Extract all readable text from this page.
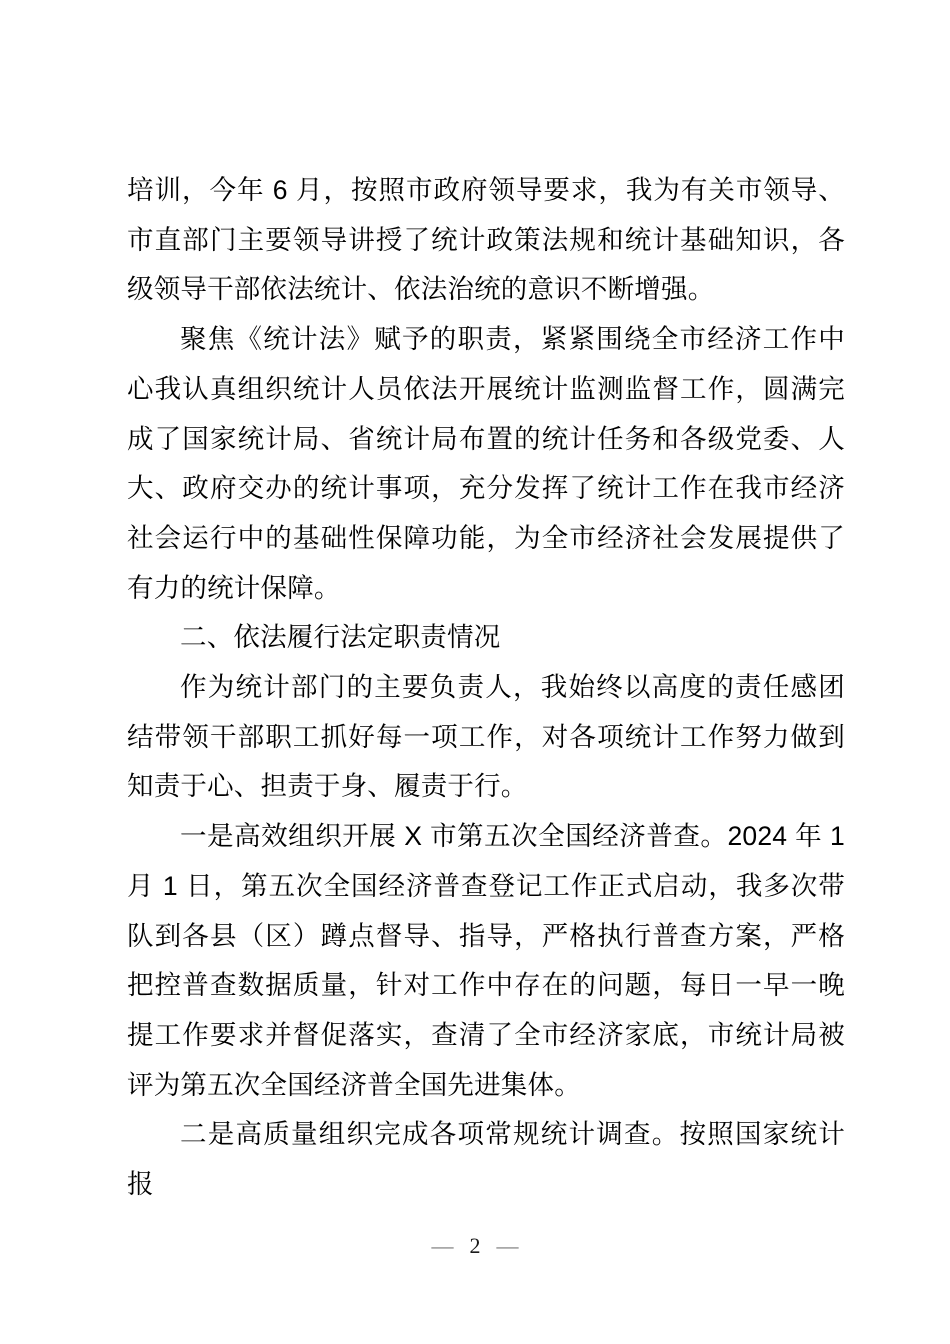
培训，今年 6 月，按照市政府领导要求，我为有关市领导、市直部门主要领导讲授了统计政策法规和统计基础知识，各级领导干部依法统计、依法治统的意识不断增强。

聚焦《统计法》赋予的职责，紧紧围绕全市经济工作中心我认真组织统计人员依法开展统计监测监督工作，圆满完成了国家统计局、省统计局布置的统计任务和各级党委、人大、政府交办的统计事项，充分发挥了统计工作在我市经济社会运行中的基础性保障功能，为全市经济社会发展提供了有力的统计保障。

二、依法履行法定职责情况

作为统计部门的主要负责人，我始终以高度的责任感团结带领干部职工抓好每一项工作，对各项统计工作努力做到知责于心、担责于身、履责于行。

一是高效组织开展 X 市第五次全国经济普查。2024 年 1 月 1 日，第五次全国经济普查登记工作正式启动，我多次带队到各县（区）蹲点督导、指导，严格执行普查方案，严格把控普查数据质量，针对工作中存在的问题，每日一早一晚提工作要求并督促落实，查清了全市经济家底，市统计局被评为第五次全国经济普全国先进集体。

二是高质量组织完成各项常规统计调查。按照国家统计报

— 2 —
